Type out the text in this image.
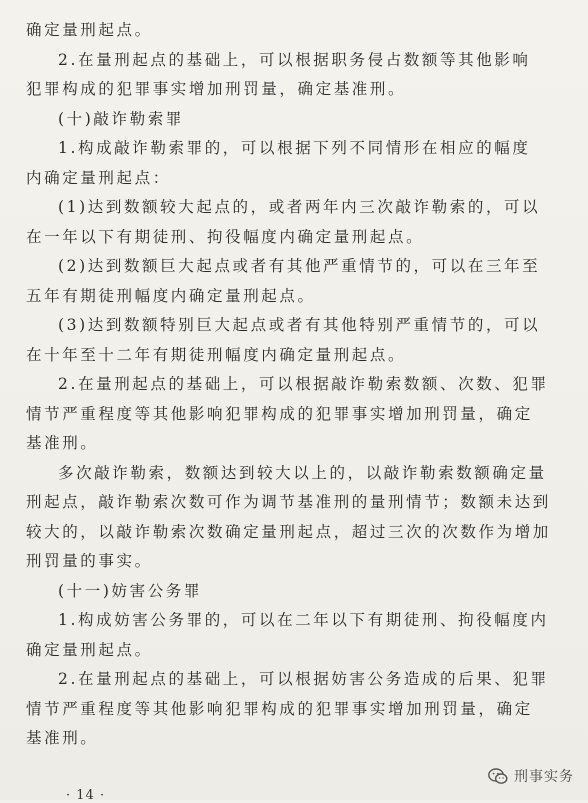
确定量刑起点。
2.在量刑起点的基础上，可以根据职务侵占数额等其他影响
犯罪构成的犯罪事实增加刑罚量，确定基准刑。
(十)敲诈勒索罪
1.构成敲诈勒索罪的，可以根据下列不同情形在相应的幅度
内确定量刑起点：
(1)达到数额较大起点的，或者两年内三次敲诈勒索的，可以
在一年以下有期徒刑、拘役幅度内确定量刑起点。
(2)达到数额巨大起点或者有其他严重情节的，可以在三年至
五年有期徒刑幅度内确定量刑起点。
(3)达到数额特别巨大起点或者有其他特别严重情节的，可以
在十年至十二年有期徒刑幅度内确定量刑起点。
2.在量刑起点的基础上，可以根据敲诈勒索数额、次数、犯罪
情节严重程度等其他影响犯罪构成的犯罪事实增加刑罚量，确定
基准刑。
多次敲诈勒索，数额达到较大以上的，以敲诈勒索数额确定量
刑起点，敲诈勒索次数可作为调节基准刑的量刑情节；数额未达到
较大的，以敲诈勒索次数确定量刑起点，超过三次的次数作为增加
刑罚量的事实。
(十一)妨害公务罪
1.构成妨害公务罪的，可以在二年以下有期徒刑、拘役幅度内
确定量刑起点。
2.在量刑起点的基础上，可以根据妨害公务造成的后果、犯罪
情节严重程度等其他影响犯罪构成的犯罪事实增加刑罚量，确定
基准刑。
· 14 ·
刑事实务
